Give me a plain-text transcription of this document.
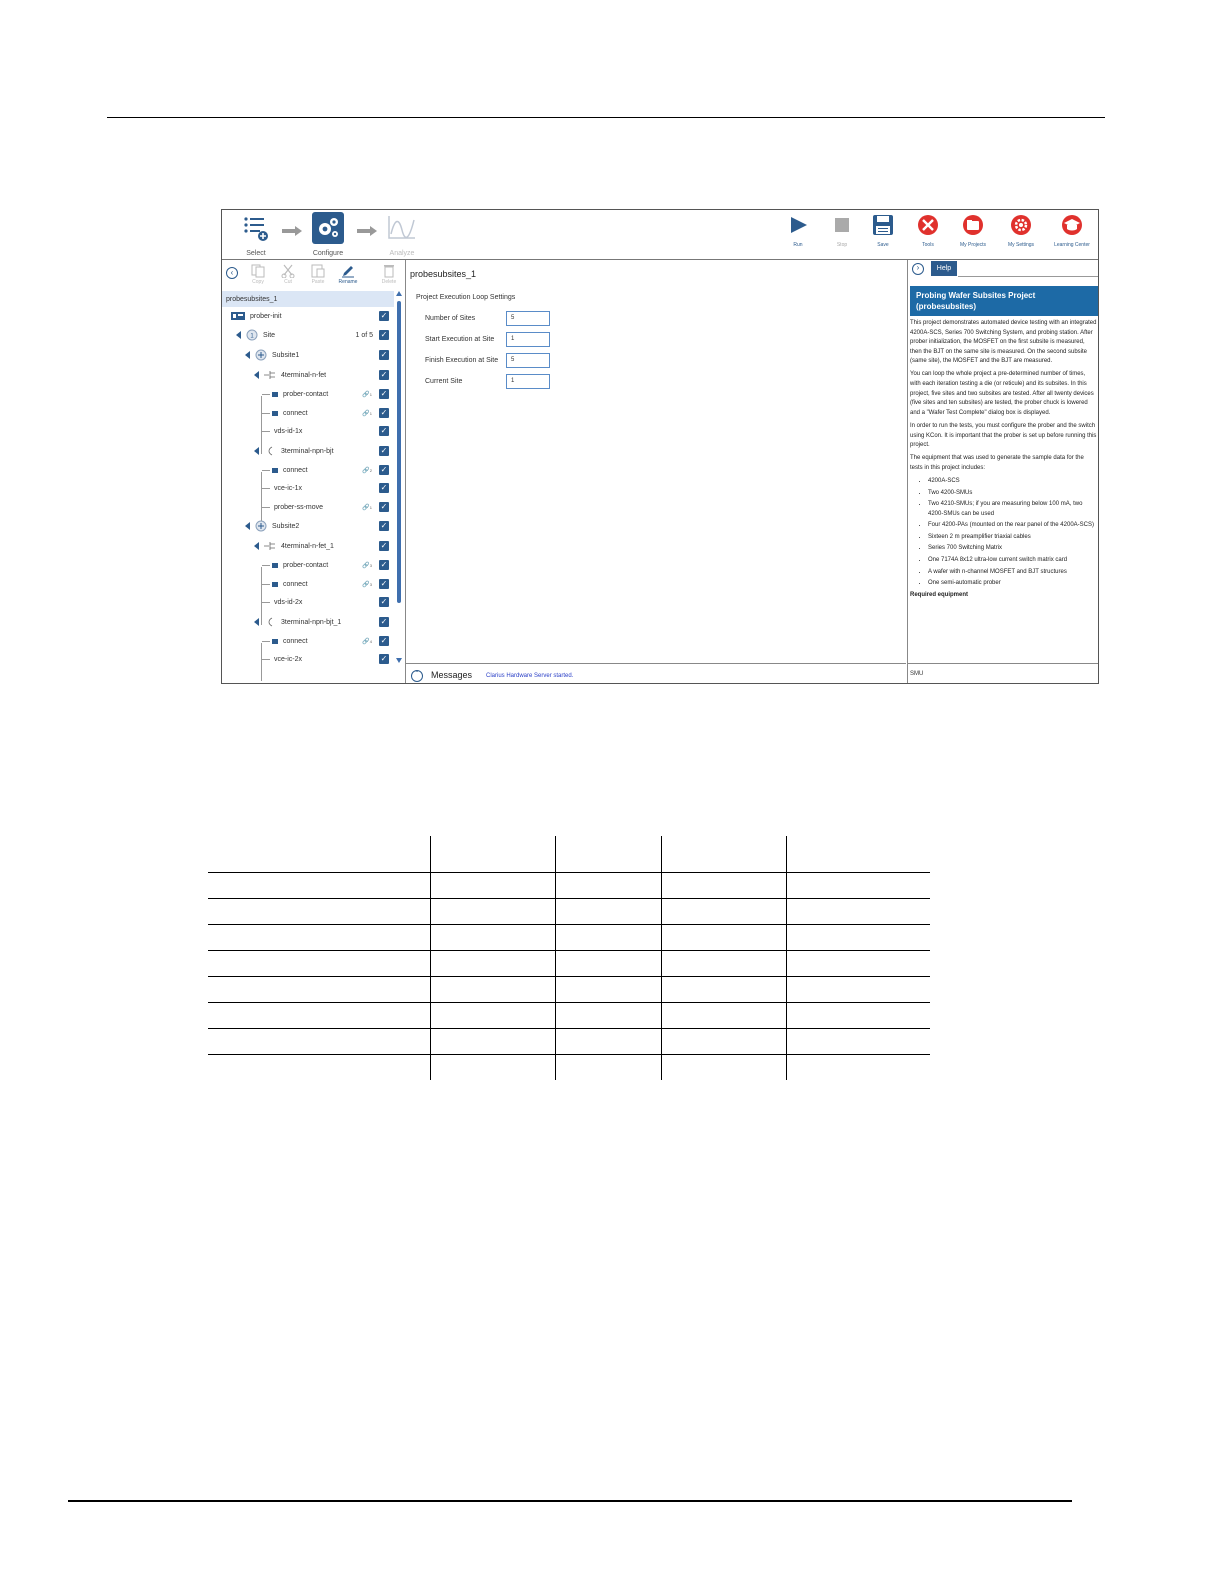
Select	Configure	Analyze
Run	Stop	Save	Tools	My Projects	My Settings	Learning Center
‹
Copy	Cut	Paste	Rename	Delete
probesubsites_1
prober-init	✓
1 Site	1 of 5 ✓
Subsite1	✓
4terminal-n-fet	✓
prober-contact	🔗1 ✓
connect	🔗1 ✓
vds-id-1x	✓
3terminal-npn-bjt	✓
connect	🔗2 ✓
vce-ic-1x	✓
prober-ss-move	🔗1 ✓
Subsite2	✓
4terminal-n-fet_1	✓
prober-contact	🔗3 ✓
connect	🔗3 ✓
vds-id-2x	✓
3terminal-npn-bjt_1	✓
connect	🔗4 ✓
vce-ic-2x	✓
probesubsites_1
Project Execution Loop Settings
Number of Sites	5
Start Execution at Site	1
Finish Execution at Site	5
Current Site	1
ˆ	Messages Clarius Hardware Server started.
›	Help
Probing Wafer Subsites Project (probesubsites)

This project demonstrates automated device testing with an integrated 4200A-SCS, Series 700 Switching System, and probing station. After prober initialization, the MOSFET on the first subsite is measured, then the BJT on the same site is measured. On the second subsite (same site), the MOSFET and the BJT are measured.

You can loop the whole project a pre-determined number of times, with each iteration testing a die (or reticule) and its subsites. In this project, five sites and two subsites are tested. After all twenty devices (five sites and ten subsites) are tested, the prober chuck is lowered and a "Wafer Test Complete" dialog box is displayed.

In order to run the tests, you must configure the prober and the switch using KCon. It is important that the prober is set up before running this project.

The equipment that was used to generate the sample data for the tests in this project includes:

• 4200A-SCS
• Two 4200-SMUs
• Two 4210-SMUs; if you are measuring below 100 mA, two 4200-SMUs can be used
• Four 4200-PAs (mounted on the rear panel of the 4200A-SCS)
• Sixteen 2 m preamplifier triaxial cables
• Series 700 Switching Matrix
• One 7174A 8x12 ultra-low current switch matrix card
• A wafer with n-channel MOSFET and BJT structures
• One semi-automatic prober
Required equipment
SMU
